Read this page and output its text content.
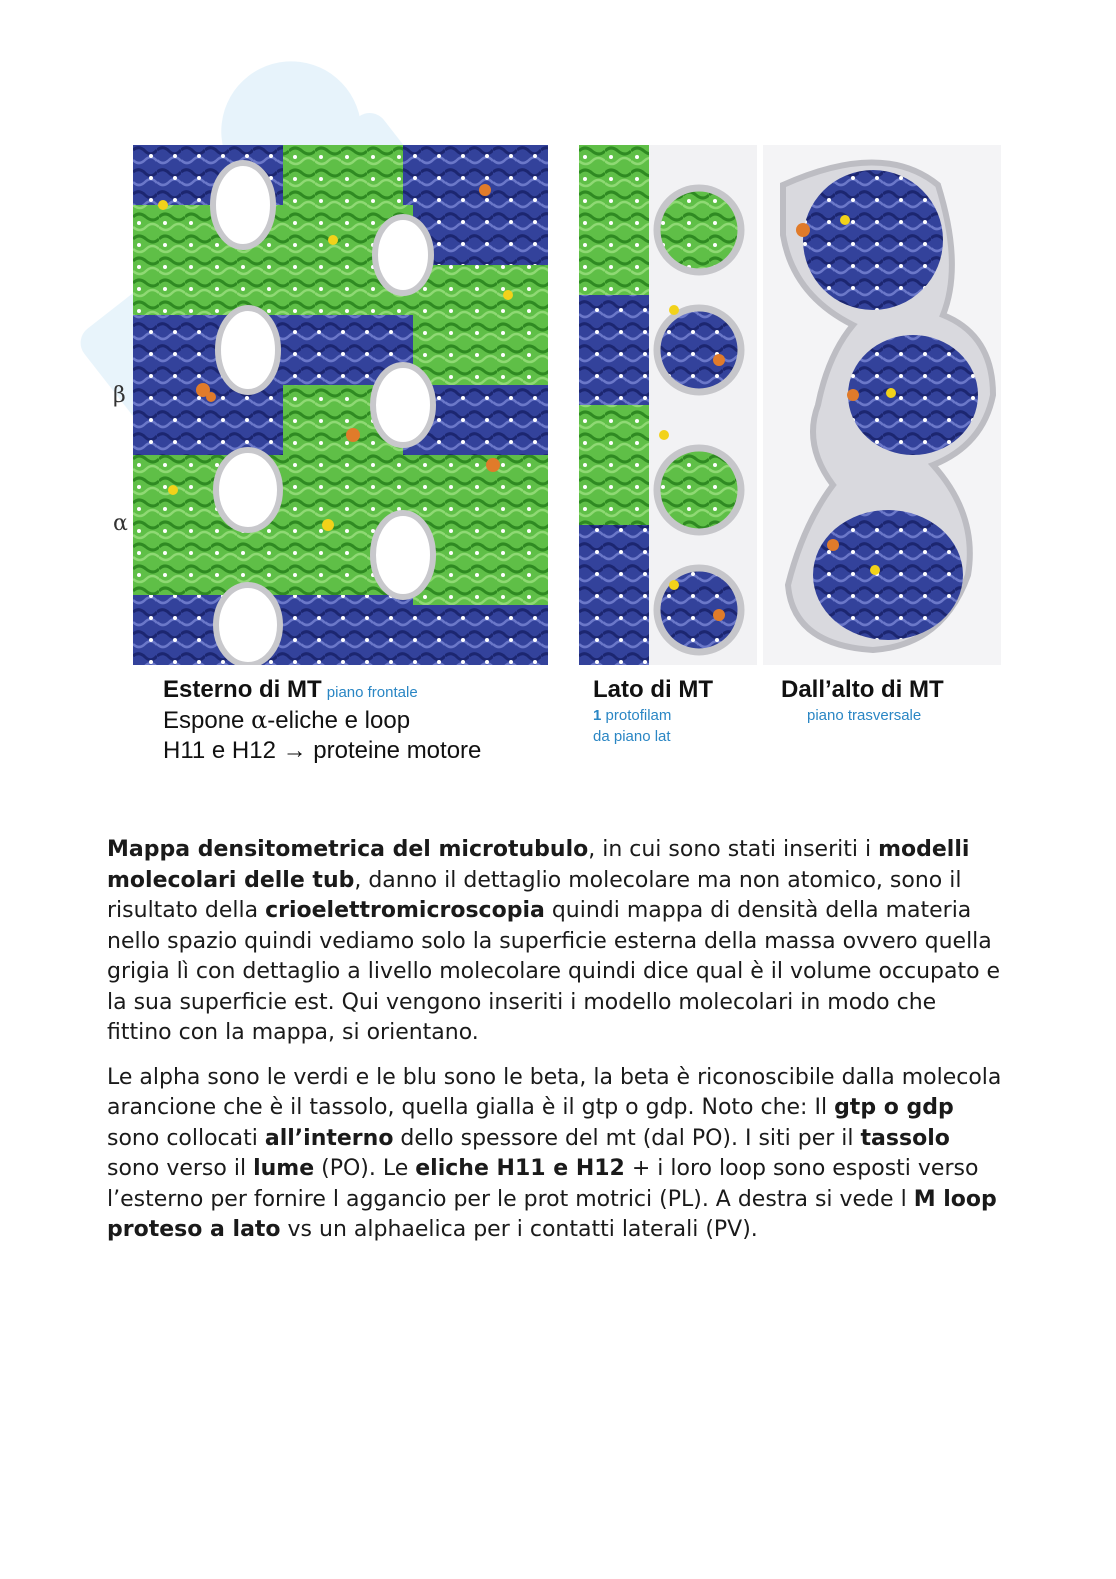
β
α
Esterno di MT piano frontale
Espone α-eliche e loop
H11 e H12 → proteine motore
Lato di MT
1 protofilam
da piano lat
Dall’alto di MT
piano trasversale

Mappa densitometrica del microtubulo, in cui sono stati inseriti i modelli molecolari delle tub, danno il dettaglio molecolare ma non atomico, sono il risultato della crioelettromicroscopia quindi mappa di densità della materia nello spazio quindi vediamo solo la superficie esterna della massa ovvero quella grigia lì con dettaglio a livello molecolare quindi dice qual è il volume occupato e la sua superficie est. Qui vengono inseriti i modello molecolari in modo che fittino con la mappa, si orientano.

Le alpha sono le verdi e le blu sono le beta, la beta è riconoscibile dalla molecola arancione che è il tassolo, quella gialla è il gtp o gdp. Noto che: Il gtp o gdp sono collocati all’interno dello spessore del mt (dal PO). I siti per il tassolo sono verso il lume (PO). Le eliche H11 e H12 + i loro loop sono esposti verso l’esterno per fornire l aggancio per le prot motrici (PL). A destra si vede l M loop proteso a lato vs un alphaelica per i contatti laterali (PV).
